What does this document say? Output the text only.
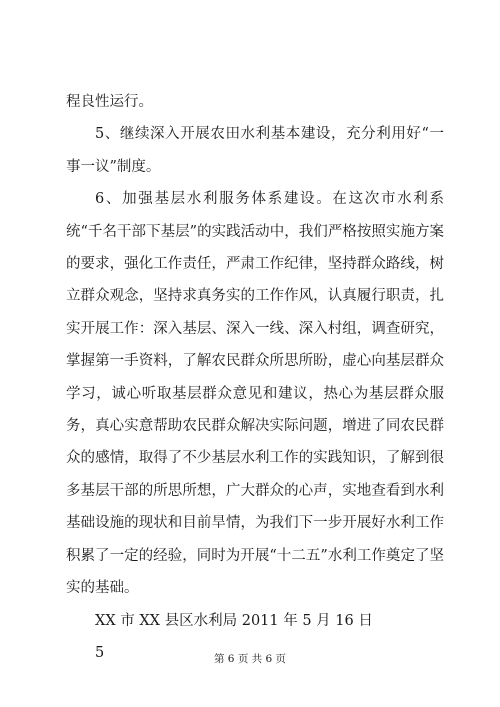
程良性运行。

5、继续深入开展农田水利基本建设，充分利用好“一事一议”制度。

6、加强基层水利服务体系建设。在这次市水利系统“千名干部下基层”的实践活动中，我们严格按照实施方案的要求，强化工作责任，严肃工作纪律，坚持群众路线，树立群众观念，坚持求真务实的工作作风，认真履行职责，扎实开展工作：深入基层、深入一线、深入村组，调查研究，掌握第一手资料，了解农民群众所思所盼，虚心向基层群众学习，诚心听取基层群众意见和建议，热心为基层群众服务，真心实意帮助农民群众解决实际问题，增进了同农民群众的感情，取得了不少基层水利工作的实践知识，了解到很多基层干部的所思所想，广大群众的心声，实地查看到水利基础设施的现状和目前旱情，为我们下一步开展好水利工作积累了一定的经验，同时为开展“十二五”水利工作奠定了坚实的基础。

XX 市 XX 县区水利局 2011 年 5 月 16 日

5	第 6 页 共 6 页
